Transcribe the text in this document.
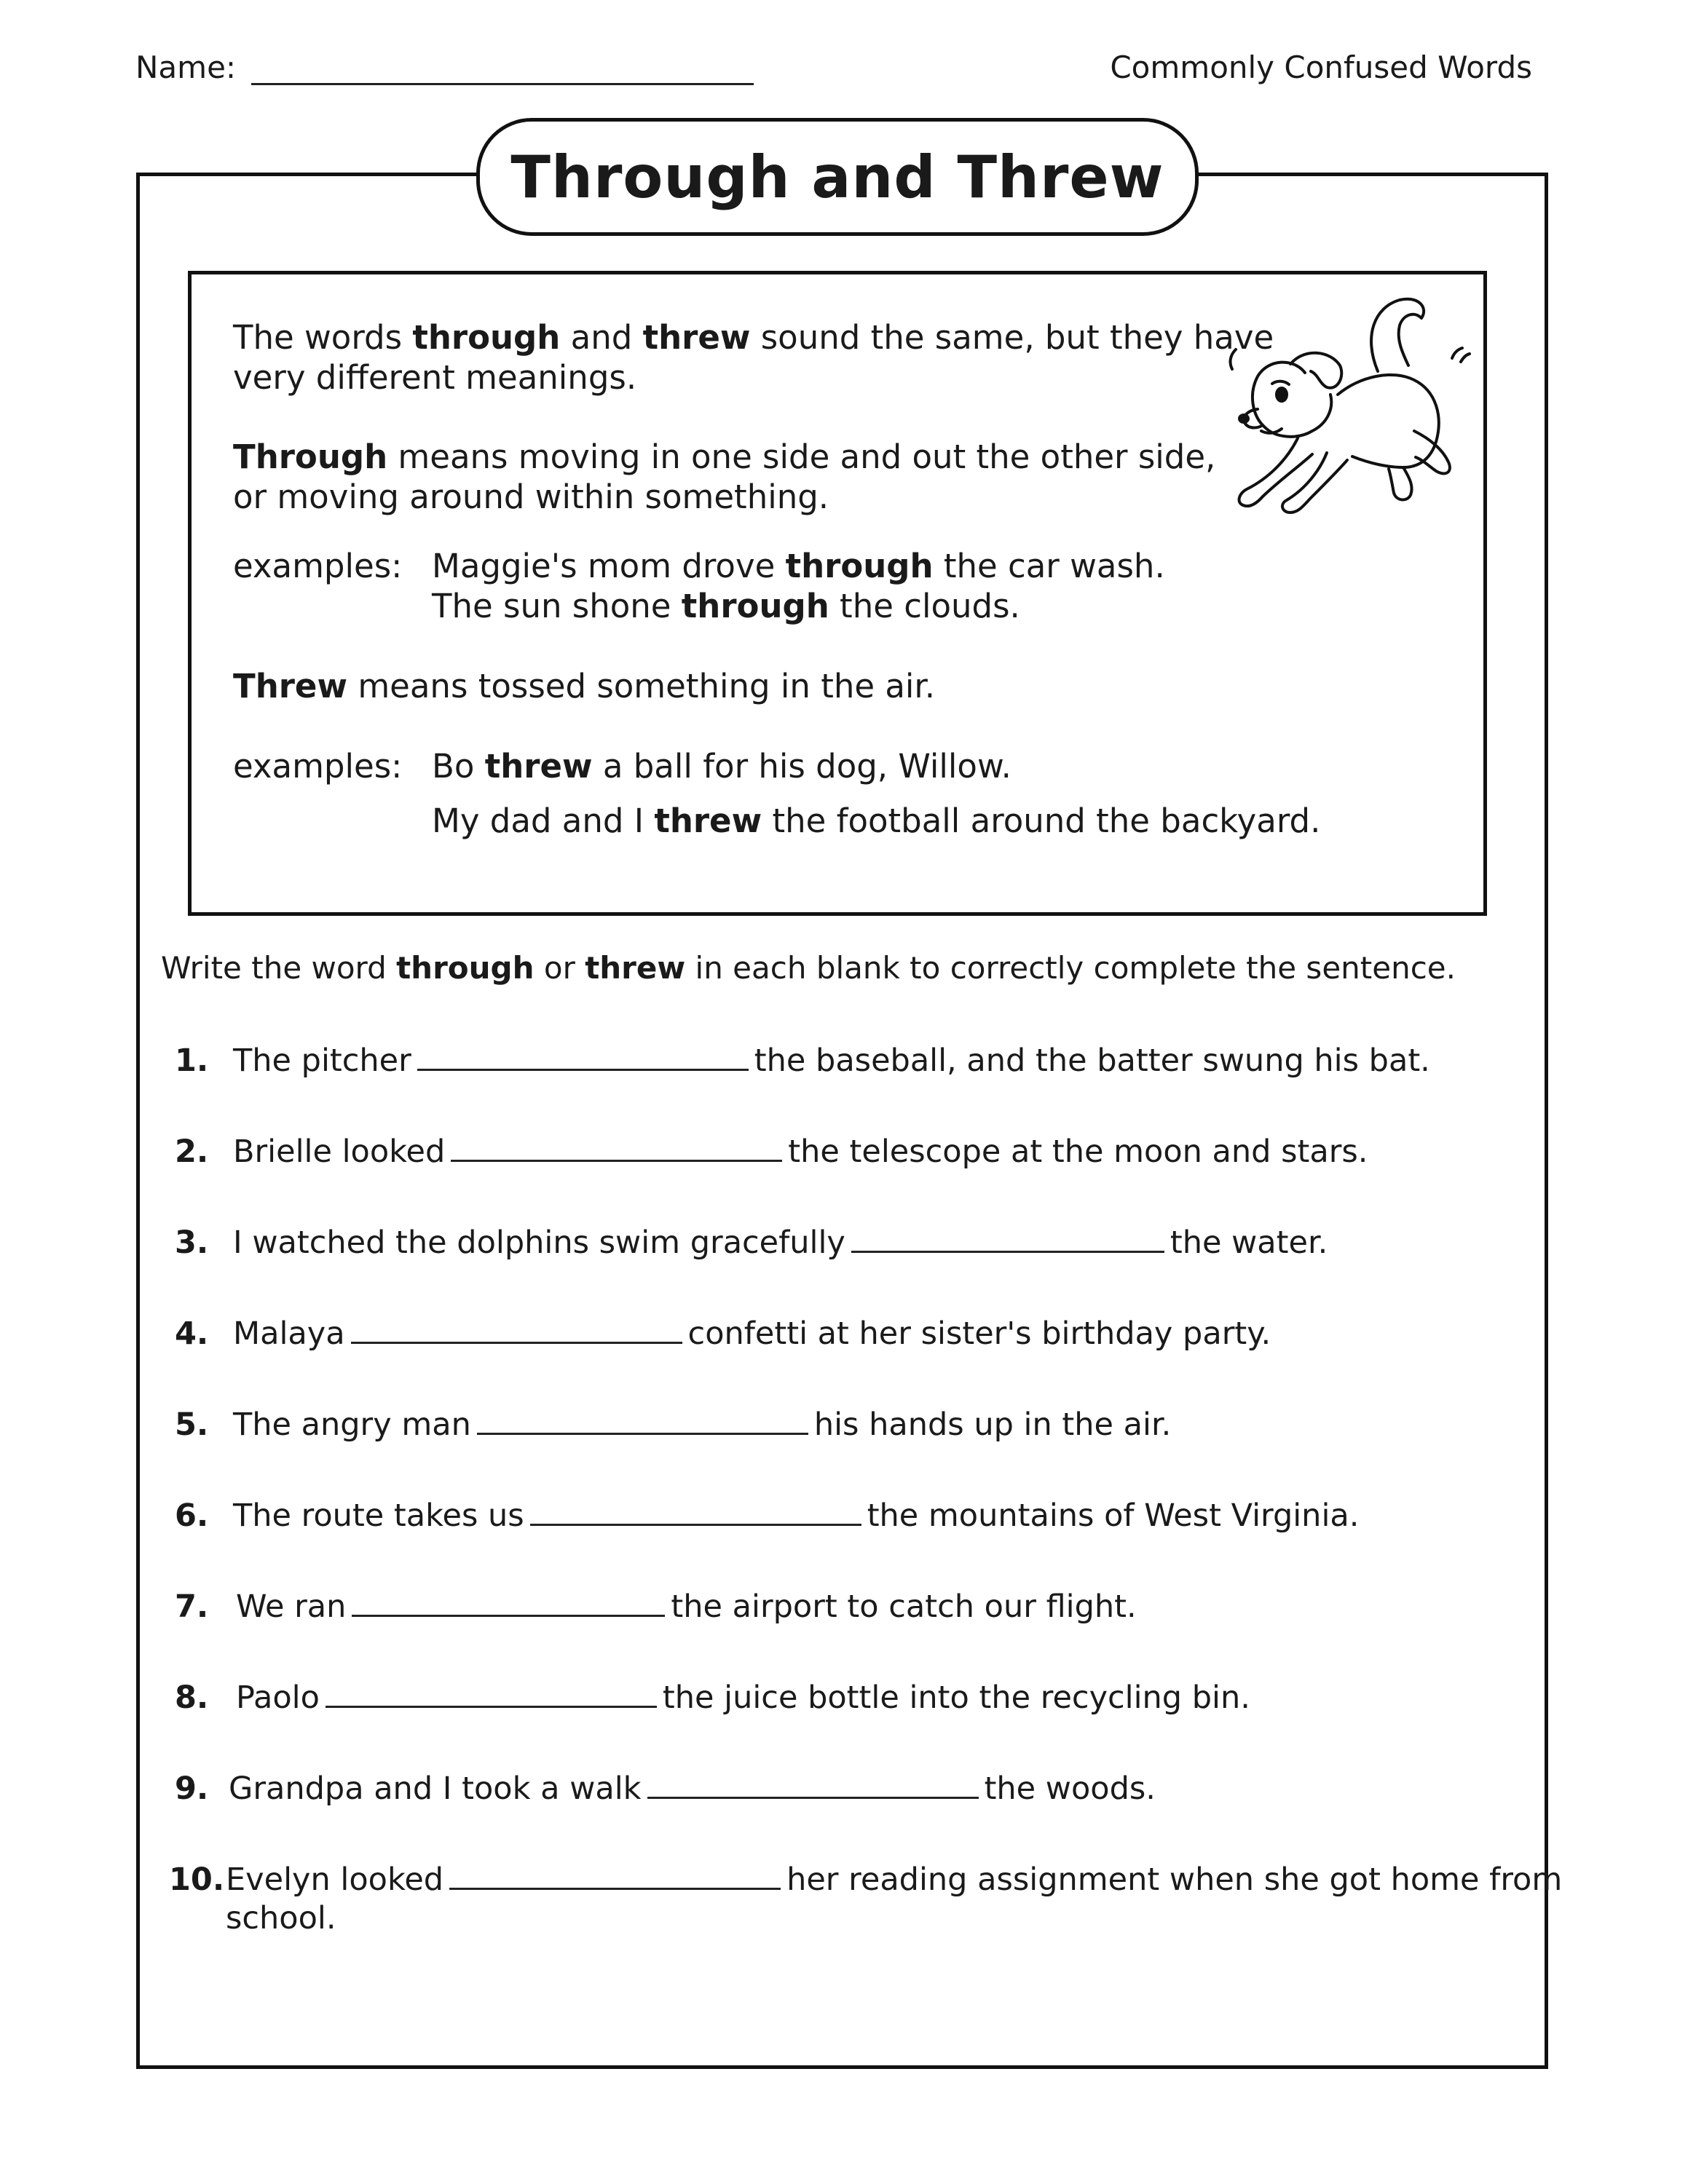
Name:	Commonly Confused Words
Through and Threw
The words through and threw sound the same, but they have
very different meanings.
Through means moving in one side and out the other side,
or moving around within something.
examples: Maggie's mom drove through the car wash.
The sun shone through the clouds.
Threw means tossed something in the air.
examples: Bo threw a ball for his dog, Willow.
My dad and I threw the football around the backyard.
Write the word through or threw in each blank to correctly complete the sentence.
1. The pitcher	the baseball, and the batter swung his bat.
2. Brielle looked	the telescope at the moon and stars.
3. I watched the dolphins swim gracefully	the water.
4. Malaya	confetti at her sister's birthday party.
5. The angry man	his hands up in the air.
6. The route takes us	the mountains of West Virginia.
7. We ran	the airport to catch our flight.
8. Paolo	the juice bottle into the recycling bin.
9. Grandpa and I took a walk	the woods.
10.Evelyn looked	her reading assignment when she got home from
school.
